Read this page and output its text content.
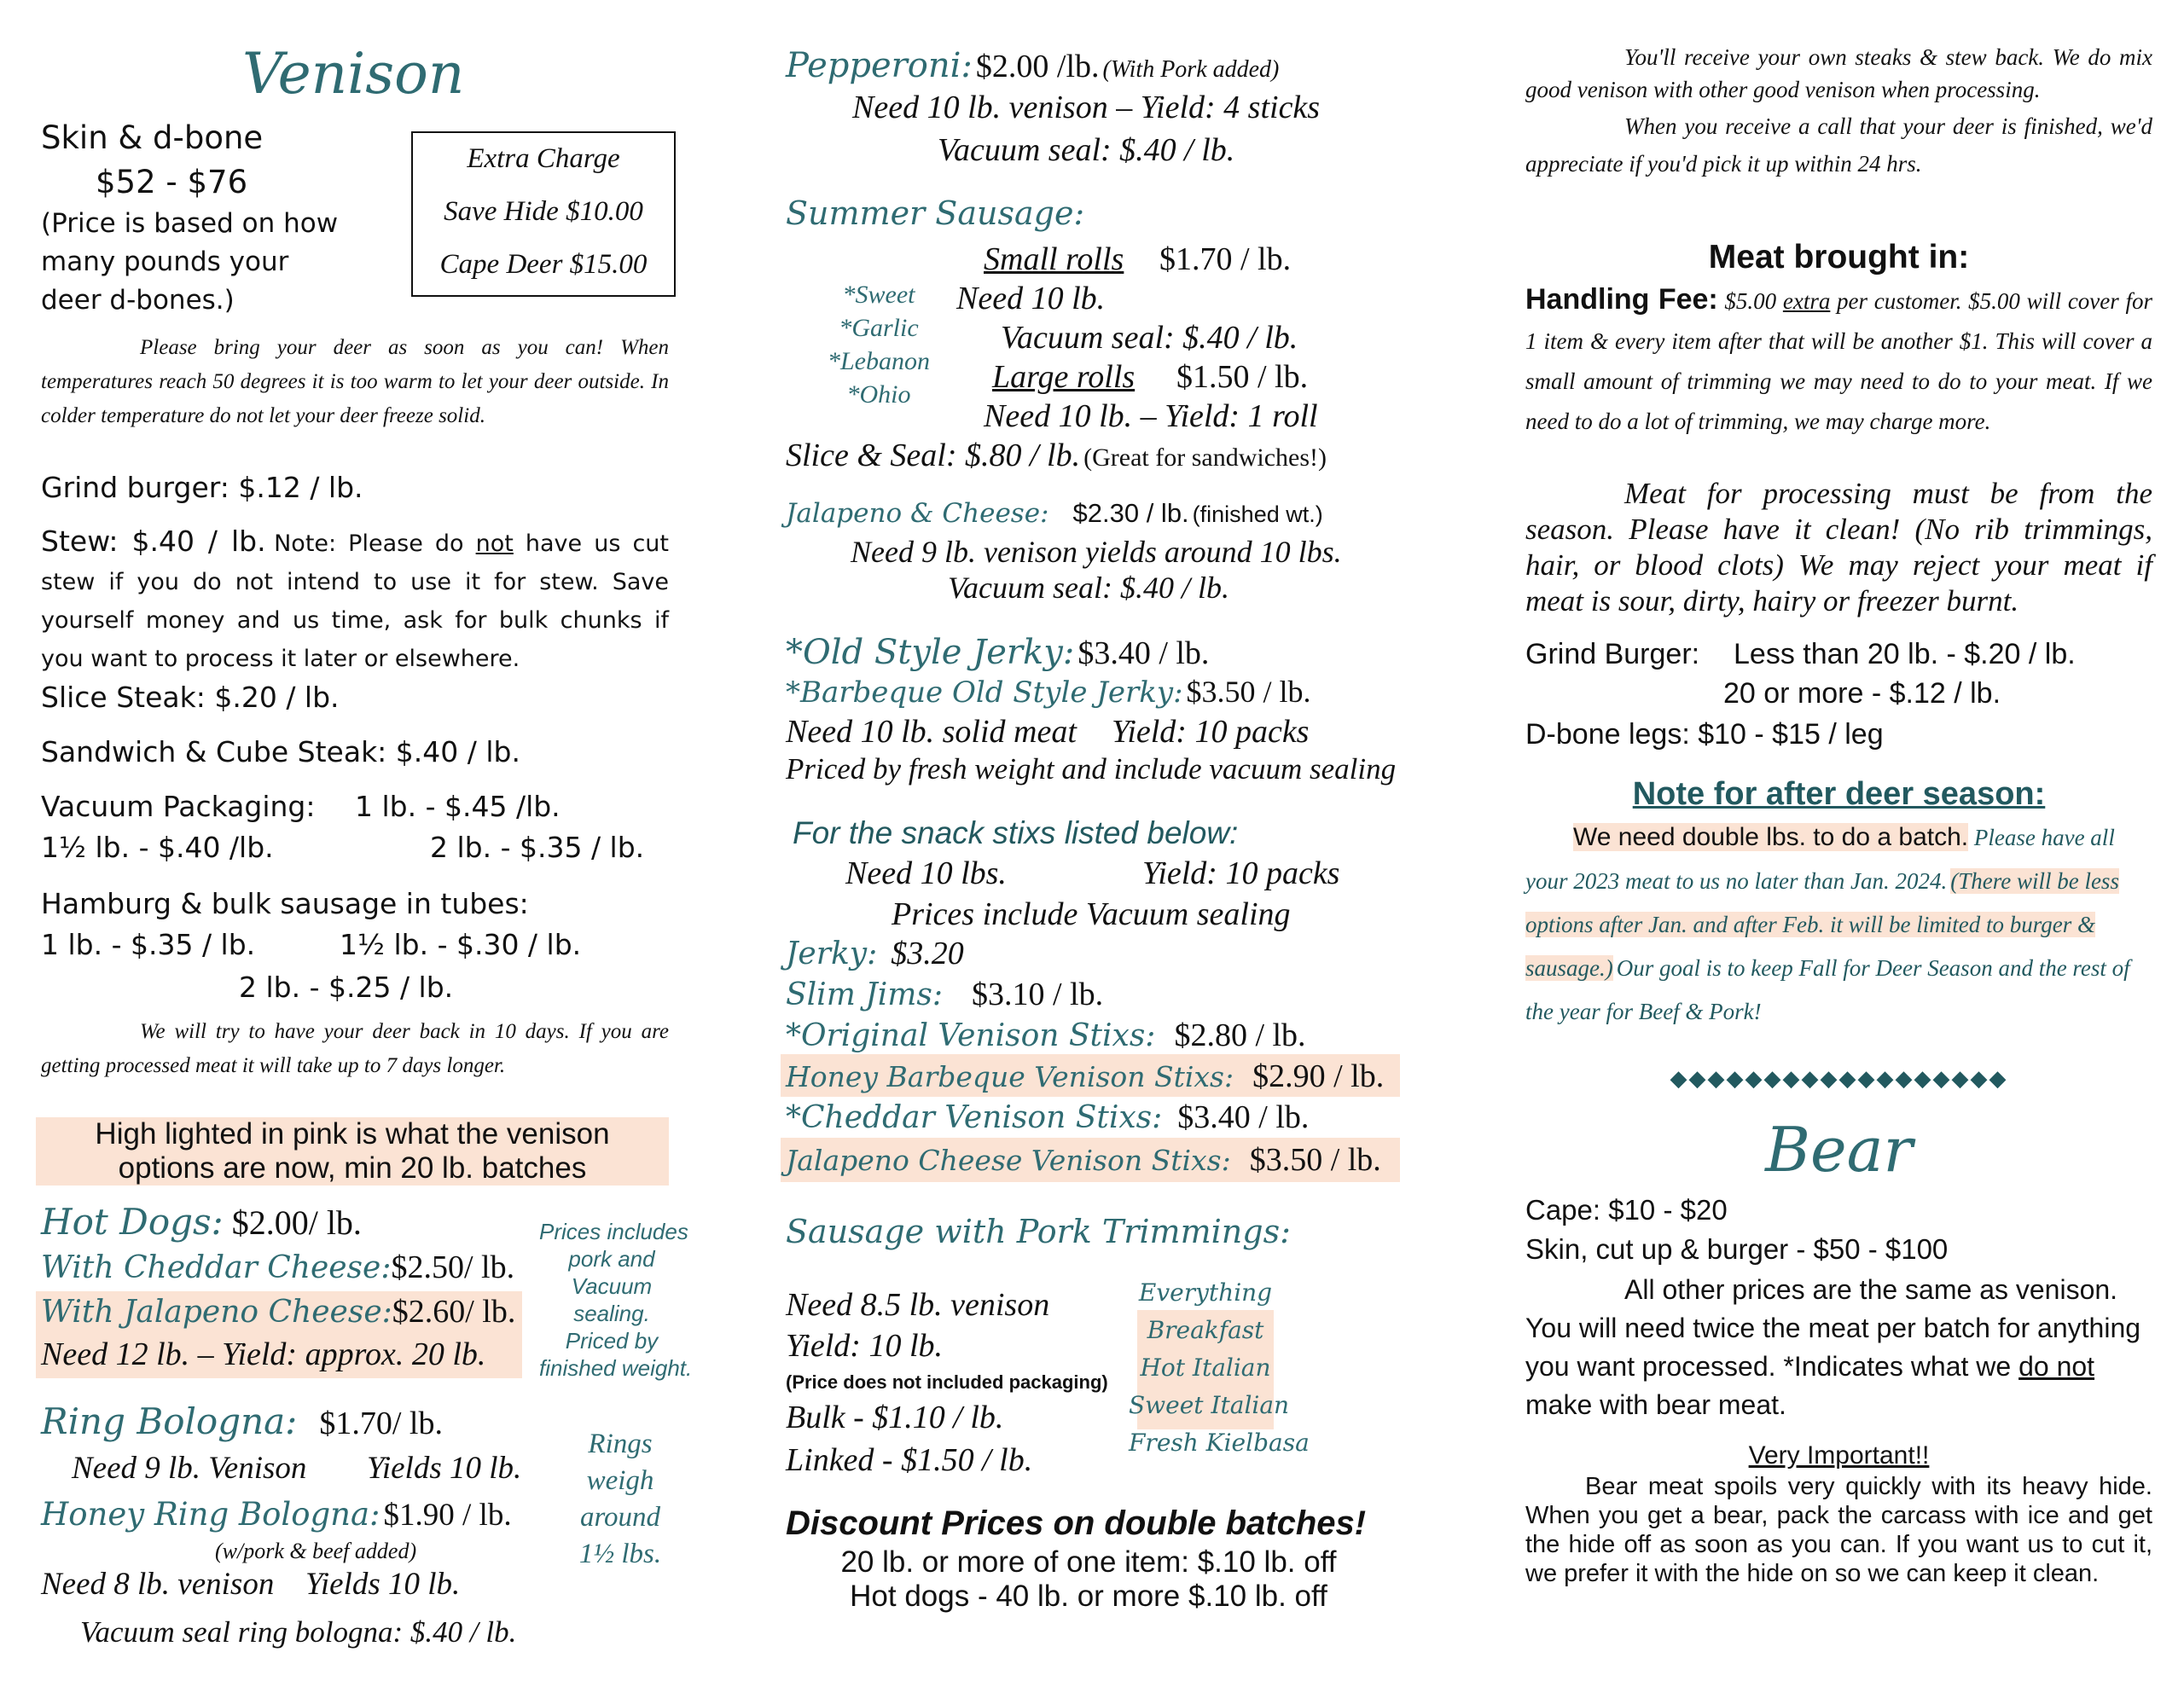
Venison
Skin & d-bone
$52 - $76
(Price is based on how many pounds your deer d-bones.)
Extra Charge
Save Hide $10.00
Cape Deer $15.00
Please bring your deer as soon as you can! When temperatures reach 50 degrees it is too warm to let your deer outside. In colder temperature do not let your deer freeze solid.
Grind burger: $.12 / lb.
Stew: $.40 / lb. Note: Please do not have us cut stew if you do not intend to use it for stew. Save yourself money and us time, ask for bulk chunks if you want to process it later or elsewhere.
Slice Steak: $.20 / lb.
Sandwich & Cube Steak: $.40 / lb.
Vacuum Packaging: 1 lb. - $.45 /lb.
1½ lb. - $.40 /lb.	2 lb. - $.35 / lb.
Hamburg & bulk sausage in tubes:
1 lb. - $.35 / lb.	1½ lb. - $.30 / lb.
2 lb. - $.25 / lb.
We will try to have your deer back in 10 days. If you are getting processed meat it will take up to 7 days longer.
High lighted in pink is what the venison
options are now, min 20 lb. batches
Hot Dogs: $2.00/ lb.
With Cheddar Cheese:$2.50/ lb.
With Jalapeno Cheese:$2.60/ lb.
Need 12 lb. – Yield: approx. 20 lb.
Prices includes
pork and
Vacuum
sealing.
Priced by
finished weight.
Ring Bologna: $1.70/ lb.
Need 9 lb. Venison Yields 10 lb.
Honey Ring Bologna: $1.90 / lb.
(w/pork & beef added)
Need 8 lb. venison Yields 10 lb.
Vacuum seal ring bologna: $.40 / lb.
Rings
weigh
around
1½ lbs.
Pepperoni: $2.00 /lb. (With Pork added)
Need 10 lb. venison – Yield: 4 sticks
Vacuum seal: $.40 / lb.
Summer Sausage:
*Sweet
*Garlic
*Lebanon
*Ohio
Small rolls $1.70 / lb.
Need 10 lb.
Vacuum seal: $.40 / lb.
Large rolls $1.50 / lb.
Need 10 lb. – Yield: 1 roll
Slice & Seal: $.80 / lb. (Great for sandwiches!)
Jalapeno & Cheese: $2.30 / lb. (finished wt.)
Need 9 lb. venison yields around 10 lbs.
Vacuum seal: $.40 / lb.
*Old Style Jerky: $3.40 / lb.
*Barbeque Old Style Jerky: $3.50 / lb.
Need 10 lb. solid meat Yield: 10 packs
Priced by fresh weight and include vacuum sealing
For the snack stixs listed below:
Need 10 lbs.	Yield: 10 packs
Prices include Vacuum sealing
Jerky: $3.20
Slim Jims: $3.10 / lb.
*Original Venison Stixs: $2.80 / lb.
Honey Barbeque Venison Stixs: $2.90 / lb.
*Cheddar Venison Stixs: $3.40 / lb.
Jalapeno Cheese Venison Stixs: $3.50 / lb.
Sausage with Pork Trimmings:
Need 8.5 lb. venison
Yield: 10 lb.
(Price does not included packaging)
Bulk - $1.10 / lb.
Linked - $1.50 / lb.
Everything
Breakfast
Hot Italian
Sweet Italian
Fresh Kielbasa
Discount Prices on double batches!
20 lb. or more of one item: $.10 lb. off
Hot dogs - 40 lb. or more $.10 lb. off
You'll receive your own steaks & stew back. We do mix good venison with other good venison when processing.
When you receive a call that your deer is finished, we'd appreciate if you'd pick it up within 24 hrs.
Meat brought in:
Handling Fee: $5.00 extra per customer. $5.00 will cover for 1 item & every item after that will be another $1. This will cover a small amount of trimming we may need to do to your meat. If we need to do a lot of trimming, we may charge more.
Meat for processing must be from the season. Please have it clean! (No rib trimmings, hair, or blood clots) We may reject your meat if meat is sour, dirty, hairy or freezer burnt.
Grind Burger: Less than 20 lb. - $.20 / lb.
20 or more - $.12 / lb.
D-bone legs: $10 - $15 / leg
Note for after deer season:
We need double lbs. to do a batch. Please have all your 2023 meat to us no later than Jan. 2024. (There will be less options after Jan. and after Feb. it will be limited to burger & sausage.) Our goal is to keep Fall for Deer Season and the rest of the year for Beef & Pork!
◆◆◆◆◆◆◆◆◆◆◆◆◆◆◆◆◆◆
Bear
Cape: $10 - $20
Skin, cut up & burger - $50 - $100
All other prices are the same as venison. You will need twice the meat per batch for anything you want processed. *Indicates what we do not make with bear meat.
Very Important!!
Bear meat spoils very quickly with its heavy hide. When you get a bear, pack the carcass with ice and get the hide off as soon as you can. If you want us to cut it, we prefer it with the hide on so we can keep it clean.
